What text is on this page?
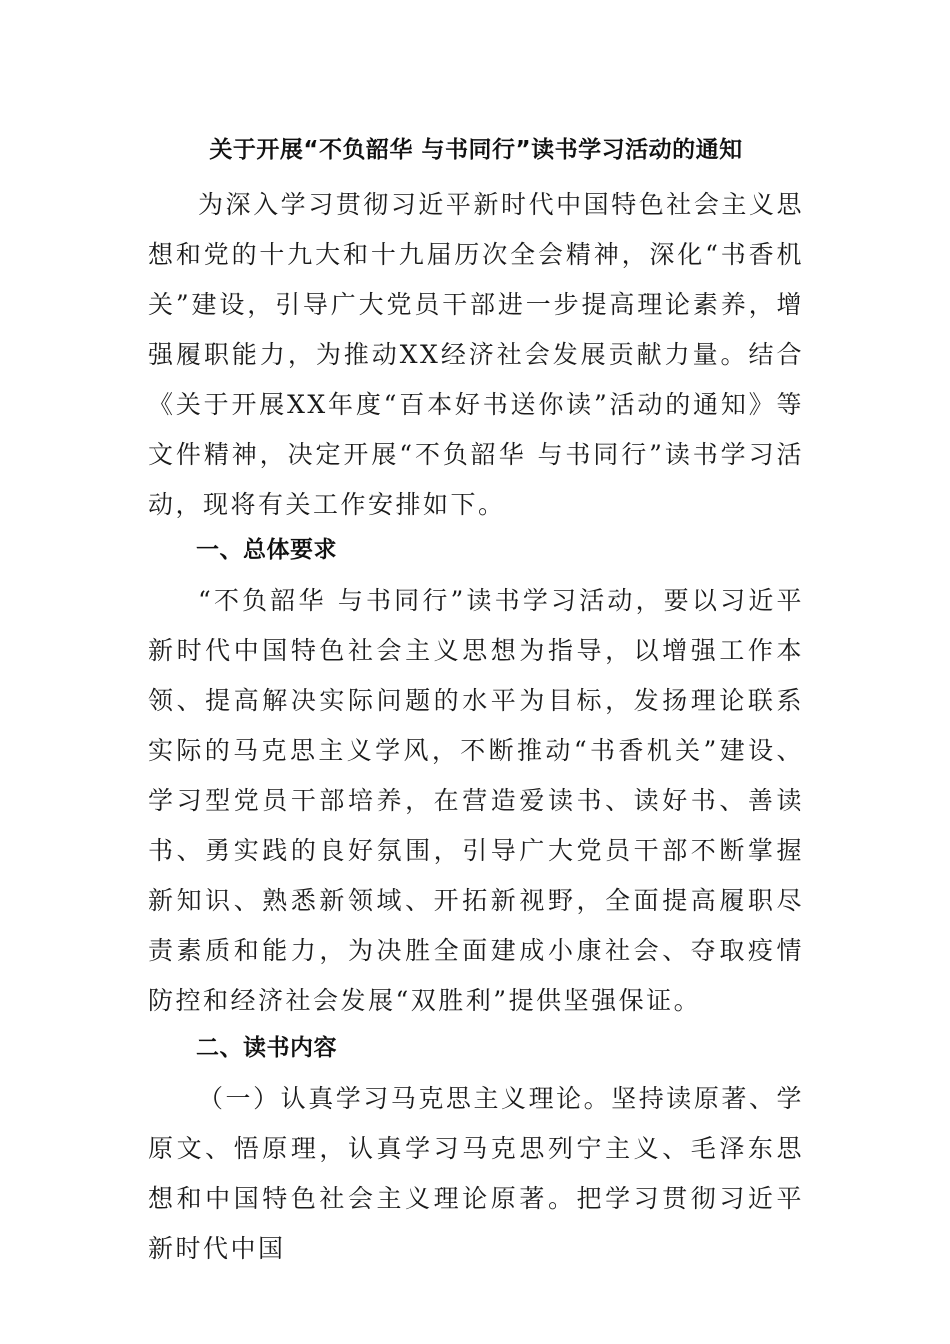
关于开展“不负韶华 与书同行”读书学习活动的通知

为深入学习贯彻习近平新时代中国特色社会主义思想和党的十九大和十九届历次全会精神，深化“书香机关”建设，引导广大党员干部进一步提高理论素养，增强履职能力，为推动XX经济社会发展贡献力量。结合《关于开展XX年度“百本好书送你读”活动的通知》等文件精神，决定开展“不负韶华 与书同行”读书学习活动，现将有关工作安排如下。

一、总体要求

“不负韶华 与书同行”读书学习活动，要以习近平新时代中国特色社会主义思想为指导，以增强工作本领、提高解决实际问题的水平为目标，发扬理论联系实际的马克思主义学风，不断推动“书香机关”建设、学习型党员干部培养，在营造爱读书、读好书、善读书、勇实践的良好氛围，引导广大党员干部不断掌握新知识、熟悉新领域、开拓新视野，全面提高履职尽责素质和能力，为决胜全面建成小康社会、夺取疫情防控和经济社会发展“双胜利”提供坚强保证。

二、读书内容

（一）认真学习马克思主义理论。坚持读原著、学原文、悟原理，认真学习马克思列宁主义、毛泽东思想和中国特色社会主义理论原著。把学习贯彻习近平新时代中国
